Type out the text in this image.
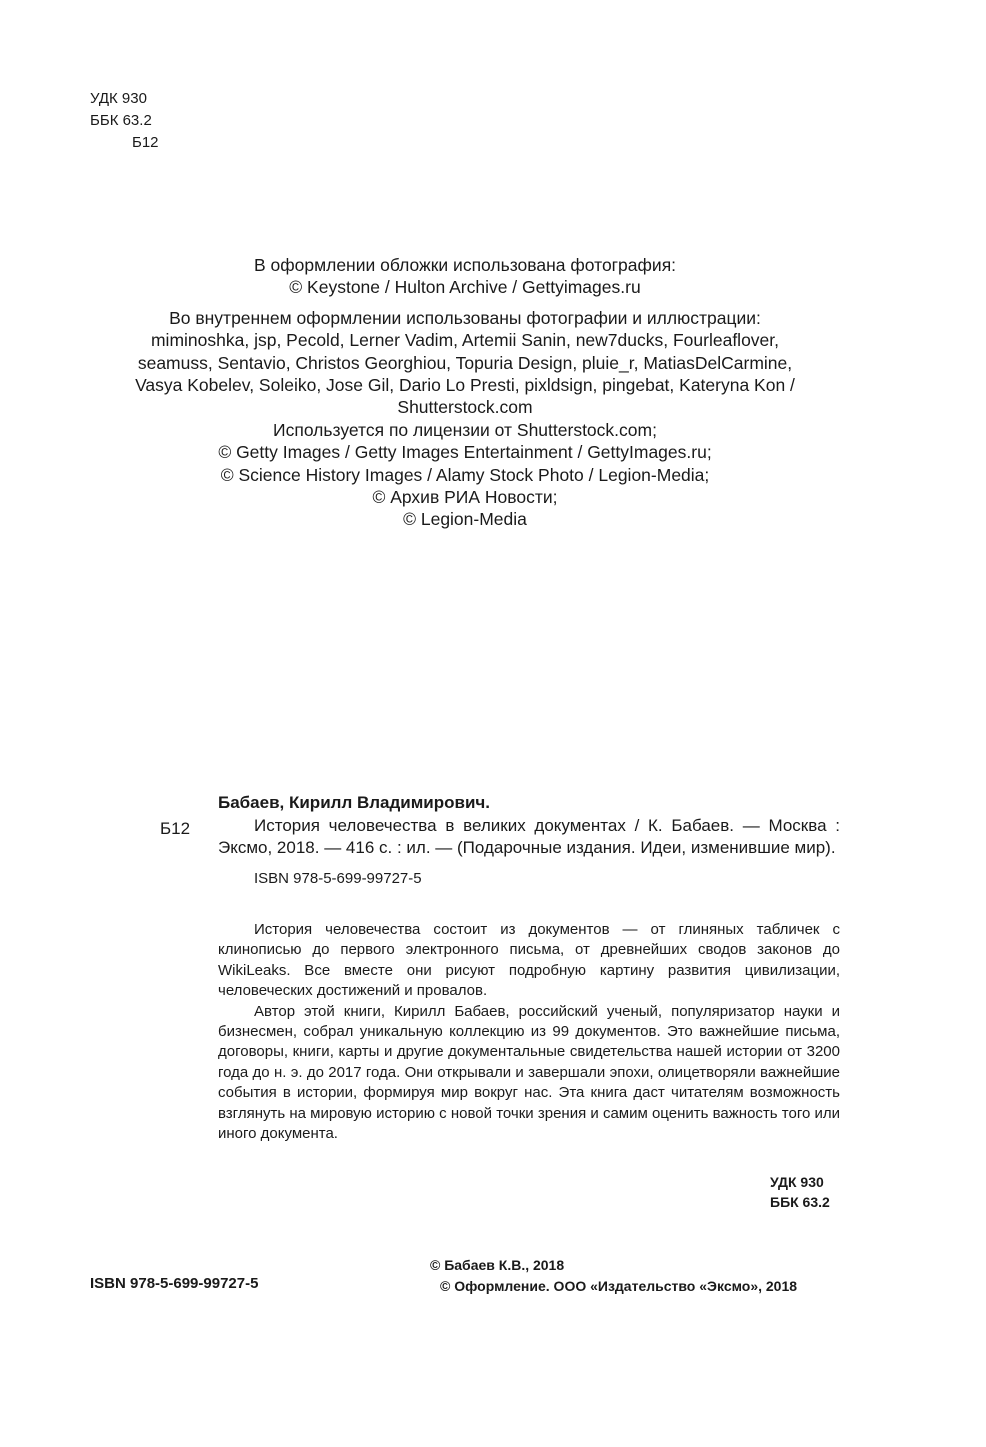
УДК 930
ББК 63.2
Б12
В оформлении обложки использована фотография:
© Keystone / Hulton Archive / Gettyimages.ru
Во внутреннем оформлении использованы фотографии и иллюстрации:
miminoshka, jsp, Pecold, Lerner Vadim, Artemii Sanin, new7ducks, Fourleaflover,
seamuss, Sentavio, Christos Georghiou, Topuria Design, pluie_r, MatiasDelCarmine,
Vasya Kobelev, Soleiko, Jose Gil, Dario Lo Presti, pixldsign, pingebat, Kateryna Kon /
Shutterstock.com
Используется по лицензии от Shutterstock.com;
© Getty Images / Getty Images Entertainment / GettyImages.ru;
© Science History Images / Alamy Stock Photo / Legion-Media;
© Архив РИА Новости;
© Legion-Media
Б12
Бабаев, Кирилл Владимирович.
История человечества в великих документах / К. Бабаев. — Москва : Эксмо, 2018. — 416 с. : ил. — (Подарочные издания. Идеи, изменившие мир).
ISBN 978-5-699-99727-5

История человечества состоит из документов — от глиняных табличек с клинописью до первого электронного письма, от древнейших сводов законов до WikiLeaks. Все вместе они рисуют подробную картину развития цивилизации, человеческих достижений и провалов.

Автор этой книги, Кирилл Бабаев, российский ученый, популяризатор науки и бизнесмен, собрал уникальную коллекцию из 99 документов. Это важнейшие письма, договоры, книги, карты и другие документальные свидетельства нашей истории от 3200 года до н. э. до 2017 года. Они открывали и завершали эпохи, олицетворяли важнейшие события в истории, формируя мир вокруг нас. Эта книга даст читателям возможность взглянуть на мировую историю с новой точки зрения и самим оценить важность того или иного документа.

УДК 930
ББК 63.2
© Бабаев К.В., 2018
© Оформление. ООО «Издательство «Эксмо», 2018
ISBN 978-5-699-99727-5
